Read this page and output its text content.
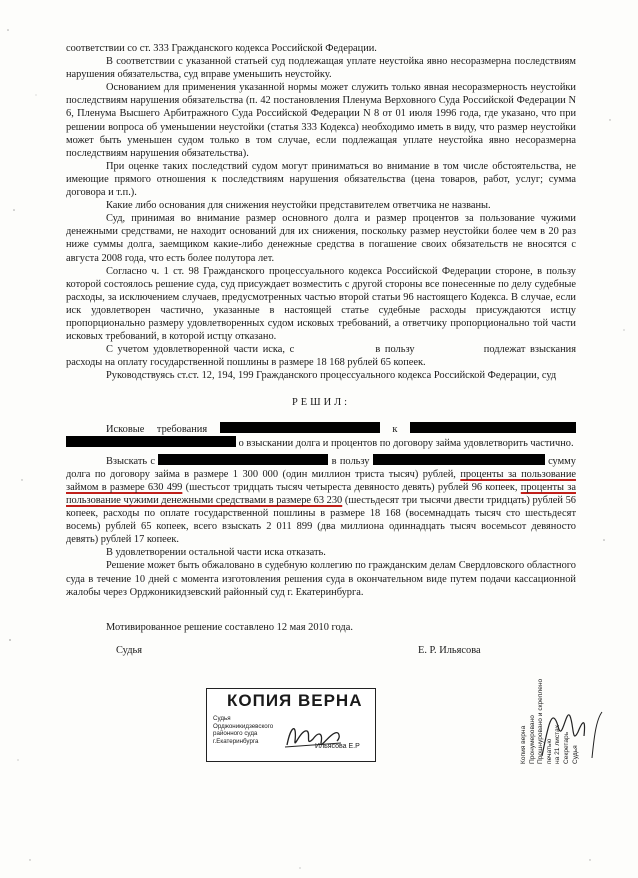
соответствии со ст. 333 Гражданского кодекса Российской Федерации.

В соответствии с указанной статьей суд подлежащая уплате неустойка явно несоразмерна последствиям нарушения обязательства, суд вправе уменьшить неустойку.

Основанием для применения указанной нормы может служить только явная несоразмерность неустойки последствиям нарушения обязательства (п. 42 постановления Пленума Верховного Суда Российской Федерации N 6, Пленума Высшего Арбитражного Суда Российской Федерации N 8 от 01 июля 1996 года, где указано, что при решении вопроса об уменьшении неустойки (статья 333 Кодекса) необходимо иметь в виду, что размер неустойки может быть уменьшен судом только в том случае, если подлежащая уплате неустойка явно несоразмерна последствиям нарушения обязательства).

При оценке таких последствий судом могут приниматься во внимание в том числе обстоятельства, не имеющие прямого отношения к последствиям нарушения обязательства (цена товаров, работ, услуг; сумма договора и т.п.).

Какие либо основания для снижения неустойки представителем ответчика не названы.

Суд, принимая во внимание размер основного долга и размер процентов за пользование чужими денежными средствами, не находит оснований для их снижения, поскольку размер неустойки более чем в 20 раз ниже суммы долга, заемщиком какие-либо денежные средства в погашение своих обязательств не вносятся с августа 2008 года, что есть более полутора лет.

Согласно ч. 1 ст. 98 Гражданского процессуального кодекса Российской Федерации стороне, в пользу которой состоялось решение суда, суд присуждает возместить с другой стороны все понесенные по делу судебные расходы, за исключением случаев, предусмотренных частью второй статьи 96 настоящего Кодекса. В случае, если иск удовлетворен частично, указанные в настоящей статье судебные расходы присуждаются истцу пропорционально размеру удовлетворенных судом исковых требований, а ответчику пропорционально той части исковых требований, в которой истцу отказано.

С учетом удовлетворенной части иска, с	в пользу	подлежат взыскания расходы на оплату государственной пошлины в размере 18 168 рублей 65 копеек.

Руководствуясь ст.ст. 12, 194, 199 Гражданского процессуального кодекса Российской Федерации, суд

РЕШИЛ:

Исковые требования	к   о взыскании долга и процентов по договору займа удовлетворить частично.

Взыскать с	в пользу	сумму долга по договору займа в размере 1 300 000 (один миллион триста тысяч) рублей, проценты за пользование займом в размере 630 499 (шестьсот тридцать тысяч четыреста девяносто девять) рублей 96 копеек, проценты за пользование чужими денежными средствами в размере 63 230 (шестьдесят три тысячи двести тридцать) рублей 56 копеек, расходы по оплате государственной пошлины в размере 18 168 (восемнадцать тысяч сто шестьдесят восемь) рублей 65 копеек, всего взыскать 2 011 899 (два миллиона одиннадцать тысяч восемьсот девяносто девять) рублей 17 копеек.

В удовлетворении остальной части иска отказать.

Решение может быть обжаловано в судебную коллегию по гражданским делам Свердловского областного суда в течение 10 дней с момента изготовления решения суда в окончательном виде путем подачи кассационной жалобы через Орджоникидзевский районный суд г. Екатеринбурга.

Мотивированное решение составлено 12 мая 2010 года.

Судья	Е. Р. Ильясова
КОПИЯ ВЕРНА
Судья
Орджоникидзевского
районного суда
г.Екатеринбурга
Ильясова Е.Р	Копия верна Пронумеровано Прошнуровано и скреплено печатью на 21 листах Секретарь Судья
